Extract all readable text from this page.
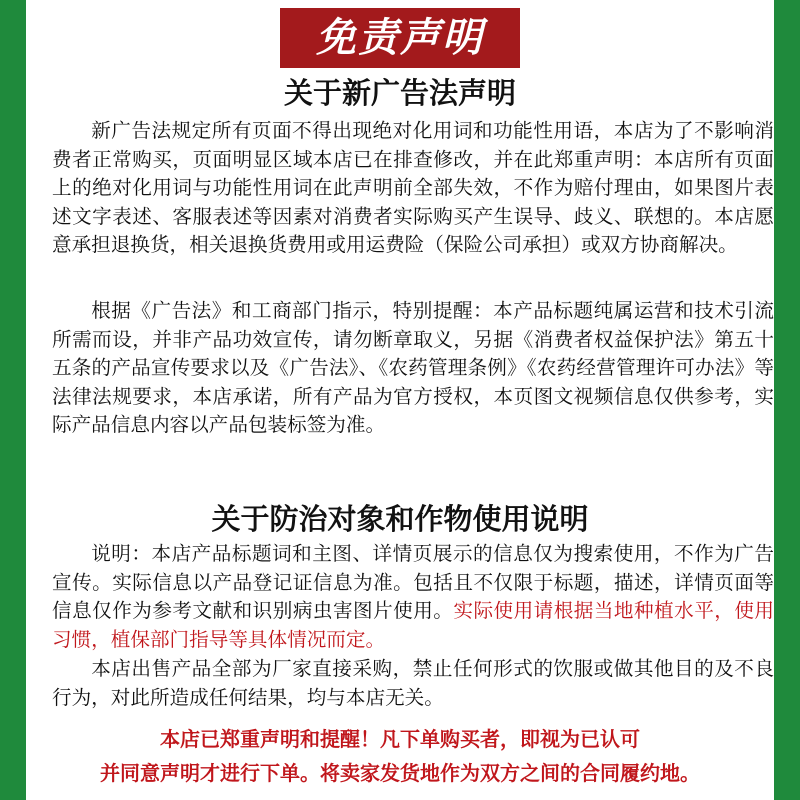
免责声明
关于新广告法声明

新广告法规定所有页面不得出现绝对化用词和功能性用语，本店为了不影响消费者正常购买，页面明显区域本店已在排查修改，并在此郑重声明：本店所有页面上的绝对化用词与功能性用词在此声明前全部失效，不作为赔付理由，如果图片表述文字表述、客服表述等因素对消费者实际购买产生误导、歧义、联想的。本店愿意承担退换货，相关退换货费用或用运费险（保险公司承担）或双方协商解决。

根据《广告法》和工商部门指示，特别提醒：本产品标题纯属运营和技术引流所需而设，并非产品功效宣传，请勿断章取义，另据《消费者权益保护法》第五十五条的产品宣传要求以及《广告法》、《农药管理条例》《农药经营管理许可办法》等法律法规要求，本店承诺，所有产品为官方授权，本页图文视频信息仅供参考，实际产品信息内容以产品包装标签为准。

关于防治对象和作物使用说明

说明：本店产品标题词和主图、详情页展示的信息仅为搜索使用，不作为广告宣传。实际信息以产品登记证信息为准。包括且不仅限于标题，描述，详情页面等信息仅作为参考文献和识别病虫害图片使用。实际使用请根据当地种植水平，使用习惯，植保部门指导等具体情况而定。

本店出售产品全部为厂家直接采购，禁止任何形式的饮服或做其他目的及不良行为，对此所造成任何结果，均与本店无关。

本店已郑重声明和提醒！凡下单购买者，即视为已认可
并同意声明才进行下单。将卖家发货地作为双方之间的合同履约地。
